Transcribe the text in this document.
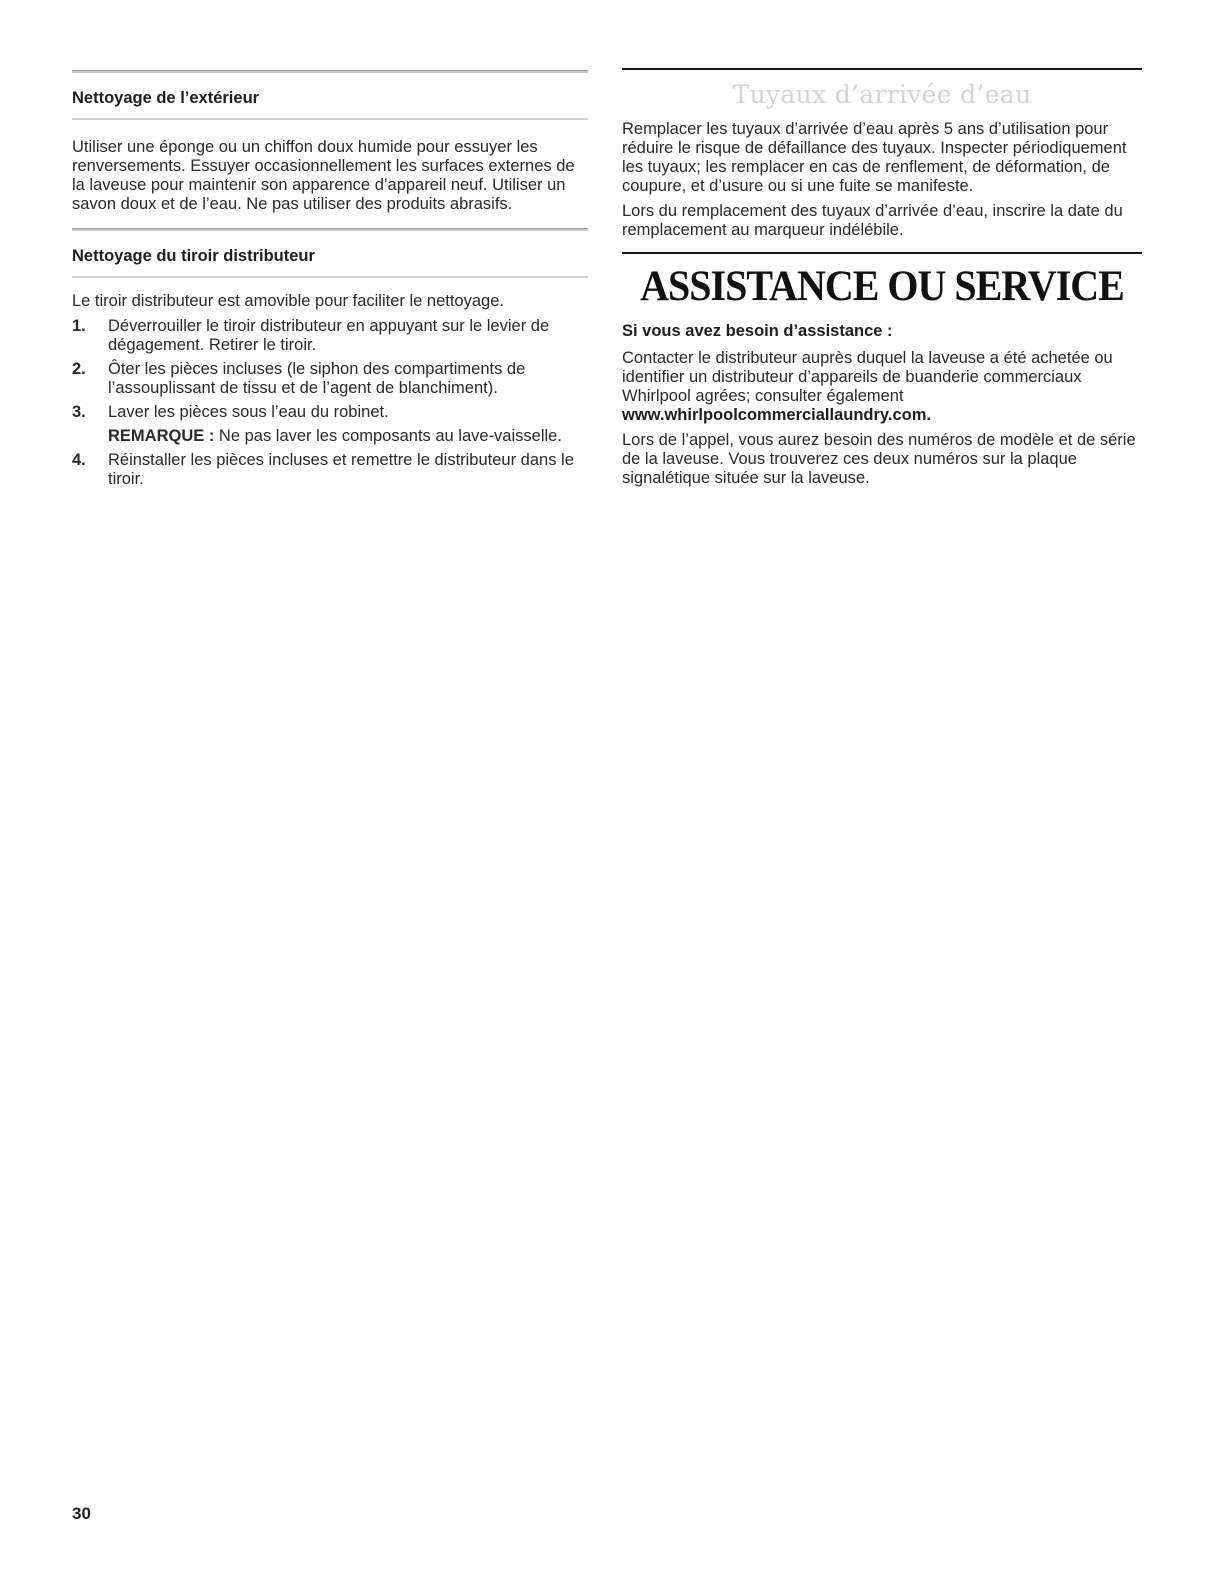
Nettoyage de l’extérieur

Utiliser une éponge ou un chiffon doux humide pour essuyer les renversements. Essuyer occasionnellement les surfaces externes de la laveuse pour maintenir son apparence d’appareil neuf. Utiliser un savon doux et de l’eau. Ne pas utiliser des produits abrasifs.

Nettoyage du tiroir distributeur

Le tiroir distributeur est amovible pour faciliter le nettoyage.

1. Déverrouiller le tiroir distributeur en appuyant sur le levier de dégagement. Retirer le tiroir.
2. Ôter les pièces incluses (le siphon des compartiments de l’assouplissant de tissu et de l’agent de blanchiment).
3. Laver les pièces sous l’eau du robinet.
REMARQUE : Ne pas laver les composants au lave-vaisselle.
4. Réinstaller les pièces incluses et remettre le distributeur dans le tiroir.
Tuyaux d’arrivée d’eau

Remplacer les tuyaux d’arrivée d’eau après 5 ans d’utilisation pour réduire le risque de défaillance des tuyaux. Inspecter périodiquement les tuyaux; les remplacer en cas de renflement, de déformation, de coupure, et d’usure ou si une fuite se manifeste.

Lors du remplacement des tuyaux d’arrivée d’eau, inscrire la date du remplacement au marqueur indélébile.

ASSISTANCE OU SERVICE
Si vous avez besoin d’assistance :

Contacter le distributeur auprès duquel la laveuse a été achetée ou identifier un distributeur d’appareils de buanderie commerciaux Whirlpool agrées; consulter également www.whirlpoolcommerciallaundry.com.

Lors de l’appel, vous aurez besoin des numéros de modèle et de série de la laveuse. Vous trouverez ces deux numéros sur la plaque signalétique située sur la laveuse.

30
